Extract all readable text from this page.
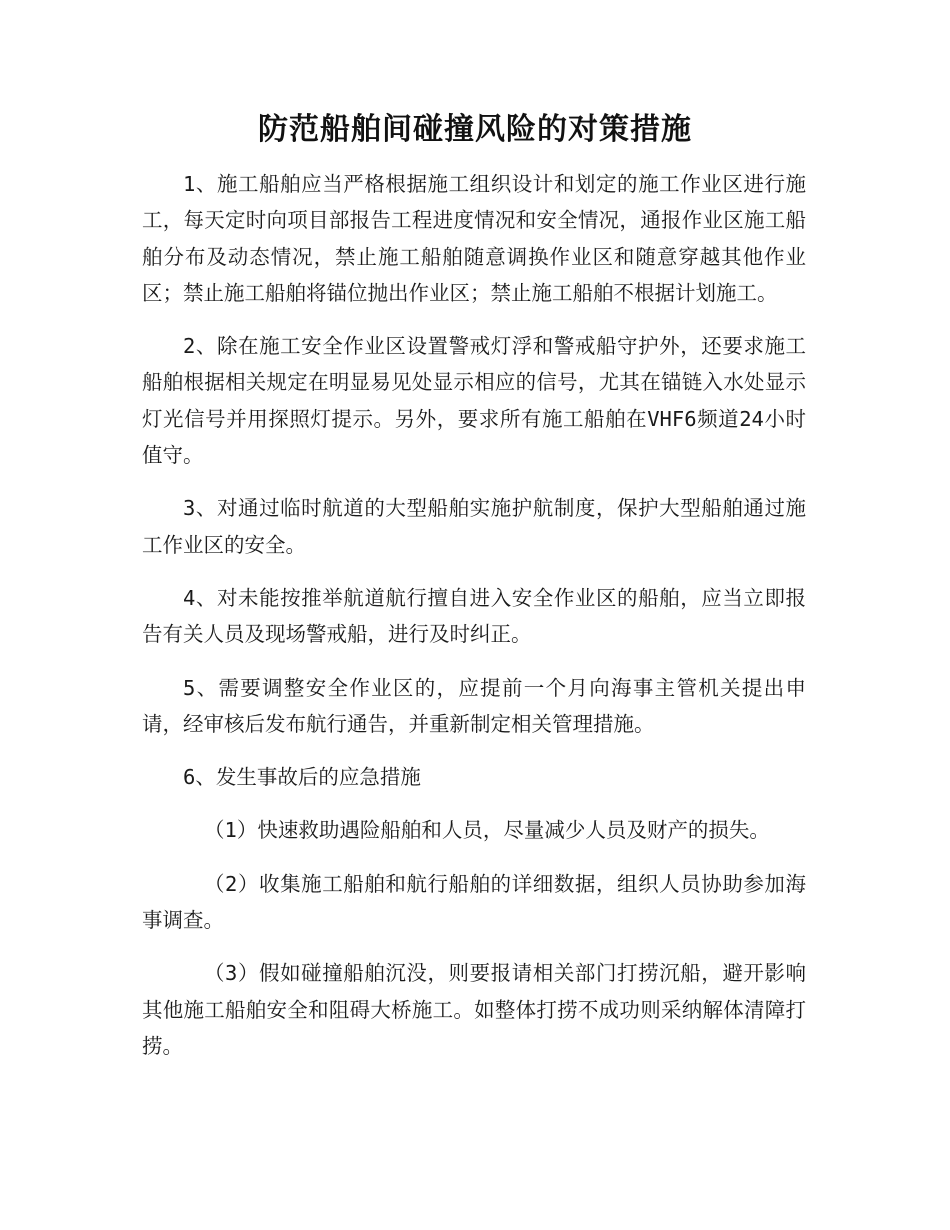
防范船舶间碰撞风险的对策措施

1、施工船舶应当严格根据施工组织设计和划定的施工作业区进行施工，每天定时向项目部报告工程进度情况和安全情况，通报作业区施工船舶分布及动态情况，禁止施工船舶随意调换作业区和随意穿越其他作业区；禁止施工船舶将锚位抛出作业区；禁止施工船舶不根据计划施工。

2、除在施工安全作业区设置警戒灯浮和警戒船守护外，还要求施工船舶根据相关规定在明显易见处显示相应的信号，尤其在锚链入水处显示灯光信号并用探照灯提示。另外，要求所有施工船舶在VHF6频道24小时值守。

3、对通过临时航道的大型船舶实施护航制度，保护大型船舶通过施工作业区的安全。

4、对未能按推举航道航行擅自进入安全作业区的船舶，应当立即报告有关人员及现场警戒船，进行及时纠正。

5、需要调整安全作业区的，应提前一个月向海事主管机关提出申请，经审核后发布航行通告，并重新制定相关管理措施。

6、发生事故后的应急措施

（1）快速救助遇险船舶和人员，尽量减少人员及财产的损失。

（2）收集施工船舶和航行船舶的详细数据，组织人员协助参加海事调查。

（3）假如碰撞船舶沉没，则要报请相关部门打捞沉船，避开影响其他施工船舶安全和阻碍大桥施工。如整体打捞不成功则采纳解体清障打捞。
